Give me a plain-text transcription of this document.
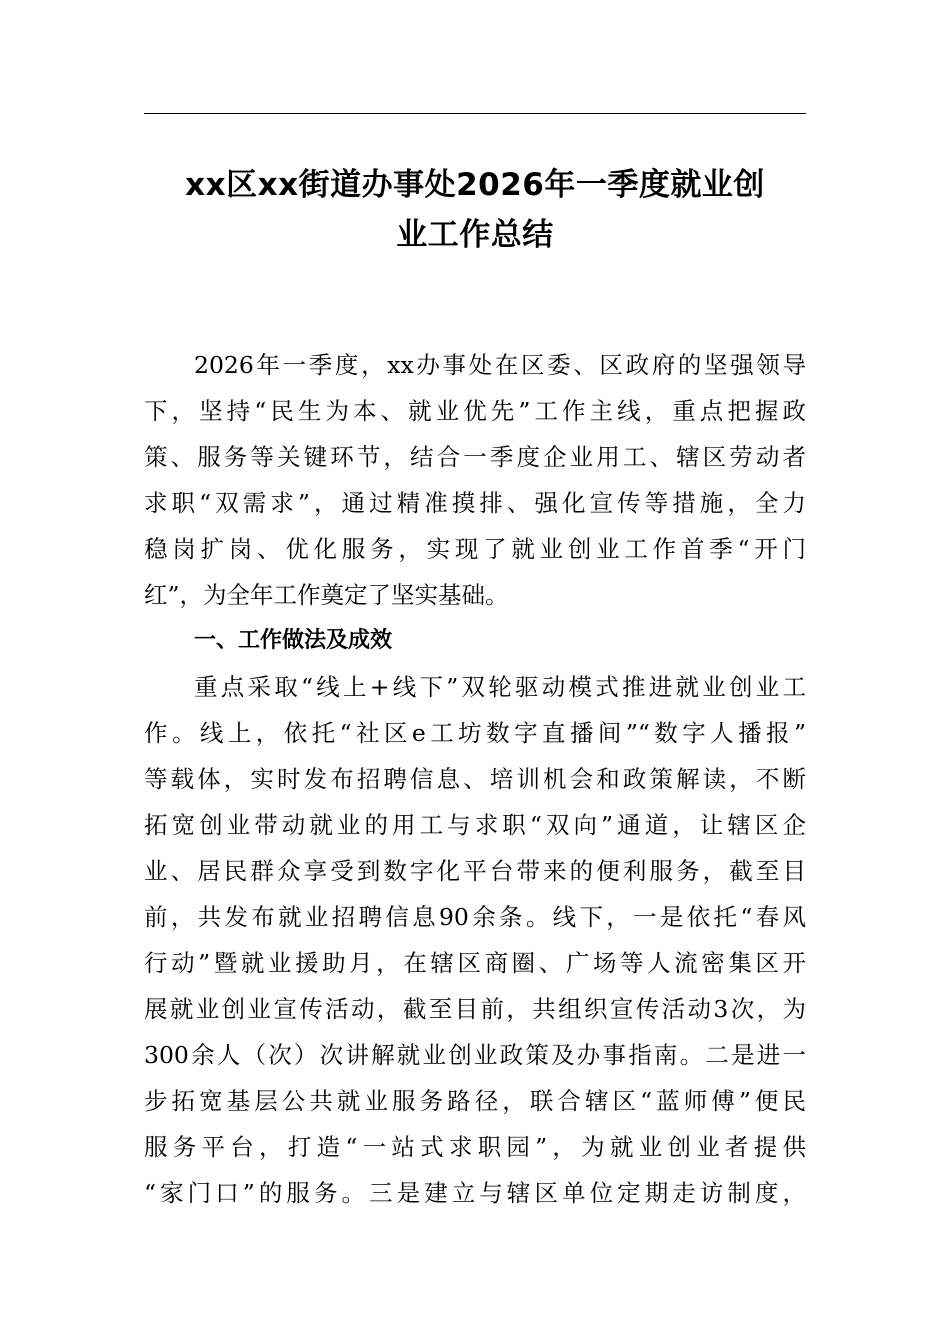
xx区xx街道办事处2026年一季度就业创
业工作总结
2026年一季度，xx办事处在区委、区政府的坚强领导
下，坚持“民生为本、就业优先”工作主线，重点把握政
策、服务等关键环节，结合一季度企业用工、辖区劳动者
求职“双需求”，通过精准摸排、强化宣传等措施，全力
稳岗扩岗、优化服务，实现了就业创业工作首季“开门
红”，为全年工作奠定了坚实基础。
一、工作做法及成效
重点采取“线上+线下”双轮驱动模式推进就业创业工
作。线上，依托“社区e工坊数字直播间”“数字人播报”
等载体，实时发布招聘信息、培训机会和政策解读，不断
拓宽创业带动就业的用工与求职“双向”通道，让辖区企
业、居民群众享受到数字化平台带来的便利服务，截至目
前，共发布就业招聘信息90余条。线下，一是依托“春风
行动”暨就业援助月，在辖区商圈、广场等人流密集区开
展就业创业宣传活动，截至目前，共组织宣传活动3次，为
300余人（次）次讲解就业创业政策及办事指南。二是进一
步拓宽基层公共就业服务路径，联合辖区“蓝师傅”便民
服务平台，打造“一站式求职园”，为就业创业者提供
“家门口”的服务。三是建立与辖区单位定期走访制度，
